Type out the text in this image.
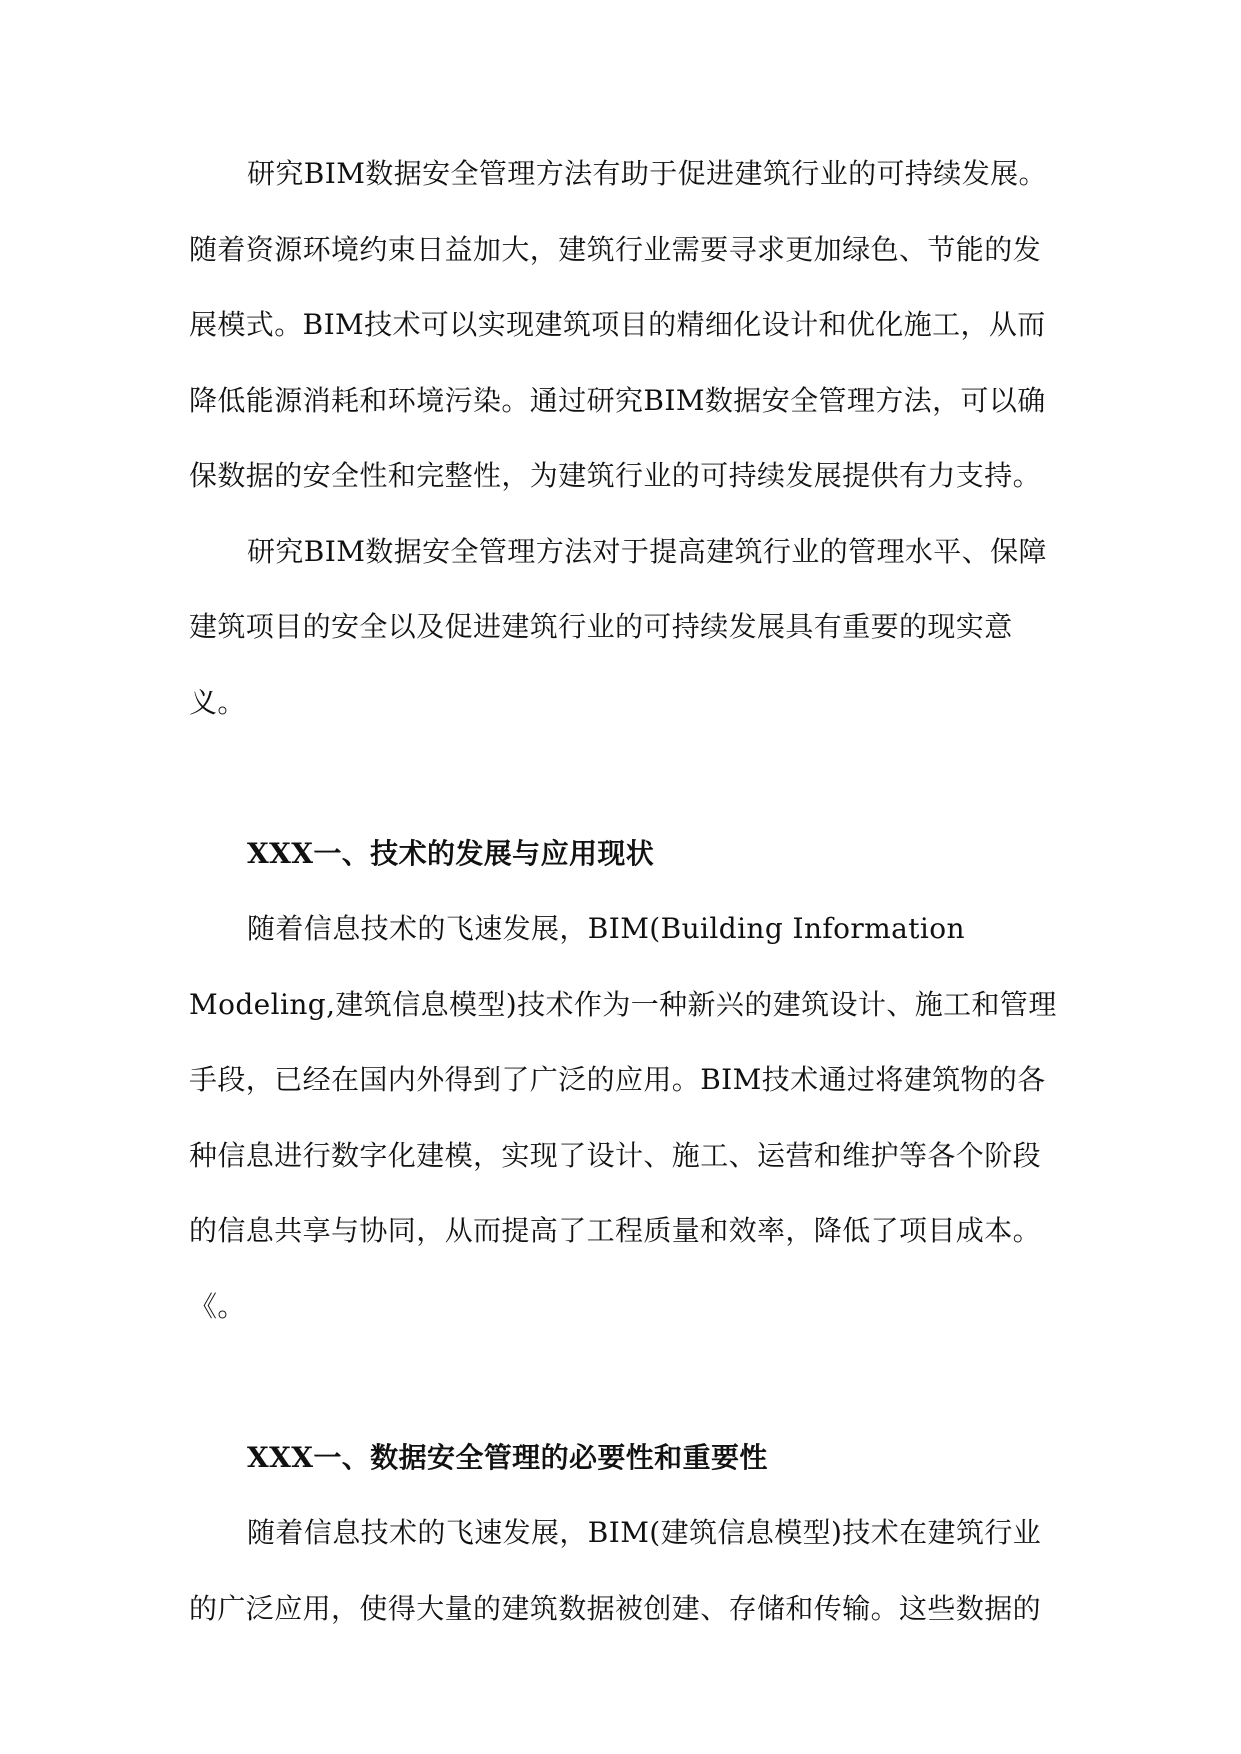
研究BIM数据安全管理方法有助于促进建筑行业的可持续发展。
随着资源环境约束日益加大，建筑行业需要寻求更加绿色、节能的发
展模式。BIM技术可以实现建筑项目的精细化设计和优化施工，从而
降低能源消耗和环境污染。通过研究BIM数据安全管理方法，可以确
保数据的安全性和完整性，为建筑行业的可持续发展提供有力支持。
研究BIM数据安全管理方法对于提高建筑行业的管理水平、保障
建筑项目的安全以及促进建筑行业的可持续发展具有重要的现实意
义。
XXX一、技术的发展与应用现状
随着信息技术的飞速发展，BIM(Building Information
Modeling,建筑信息模型)技术作为一种新兴的建筑设计、施工和管理
手段，已经在国内外得到了广泛的应用。BIM技术通过将建筑物的各
种信息进行数字化建模，实现了设计、施工、运营和维护等各个阶段
的信息共享与协同，从而提高了工程质量和效率，降低了项目成本。
《。
XXX一、数据安全管理的必要性和重要性
随着信息技术的飞速发展，BIM(建筑信息模型)技术在建筑行业
的广泛应用，使得大量的建筑数据被创建、存储和传输。这些数据的
